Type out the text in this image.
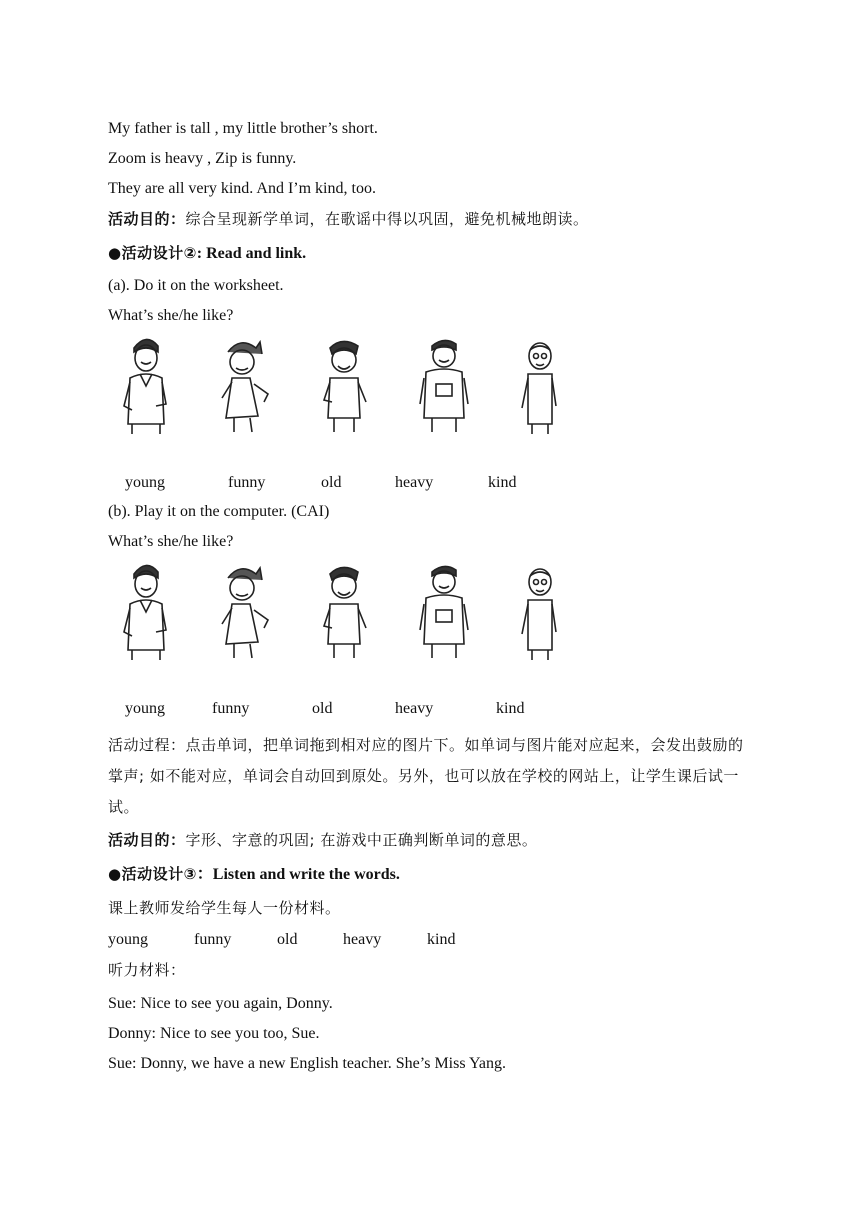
My father is tall , my little brother’s short.
Zoom is heavy , Zip is funny.
They are all very kind. And I’m kind, too.
活动目的：综合呈现新学单词，在歌谣中得以巩固，避免机械地朗读。
●活动设计②: Read and link.
(a). Do it on the worksheet.
What’s she/he like?
young	funny	old	heavy	kind
(b). Play it on the computer. (CAI)
What’s she/he like?
young	funny	old	heavy	kind
活动过程：点击单词，把单词拖到相对应的图片下。如单词与图片能对应起来，会发出鼓励的掌声; 如不能对应，单词会自动回到原处。另外，也可以放在学校的网站上，让学生课后试一试。
活动目的：字形、字意的巩固; 在游戏中正确判断单词的意思。
●活动设计③：Listen and write the words.
课上教师发给学生每人一份材料。
young	funny	old	heavy	kind
听力材料：
Sue: Nice to see you again, Donny.
Donny: Nice to see you too, Sue.
Sue: Donny, we have a new English teacher. She’s Miss Yang.
